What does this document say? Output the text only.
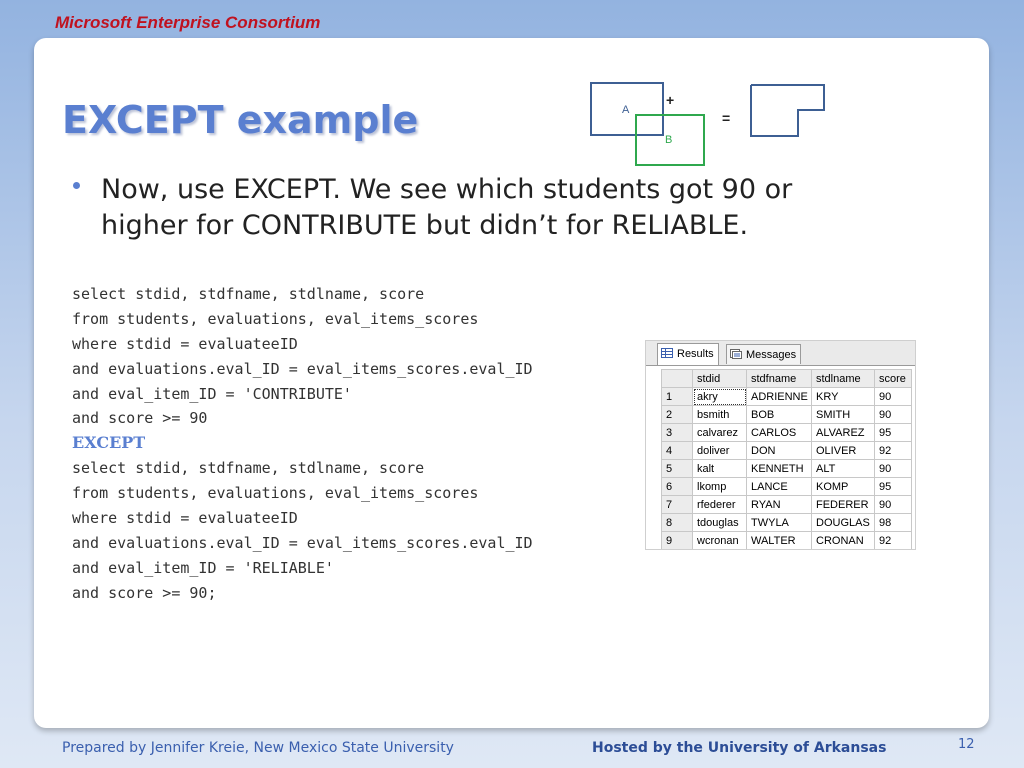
Microsoft Enterprise Consortium
EXCEPT example	A
B
+
=
Now, use EXCEPT. We see which students got 90 or higher for CONTRIBUTE but didn’t for RELIABLE.
select stdid, stdfname, stdlname, score
from students, evaluations, eval_items_scores
where stdid = evaluateeID
and evaluations.eval_ID = eval_items_scores.eval_ID
and eval_item_ID = 'CONTRIBUTE'
and score >= 90
EXCEPT
select stdid, stdfname, stdlname, score
from students, evaluations, eval_items_scores
where stdid = evaluateeID
and evaluations.eval_ID = eval_items_scores.eval_ID
and eval_item_ID = 'RELIABLE'
and score >= 90;
Results	Messages
	stdid	stdfname	stdlname	score
1	akry	ADRIENNE	KRY	90
2	bsmith	BOB	SMITH	90
3	calvarez	CARLOS	ALVAREZ	95
4	doliver	DON	OLIVER	92
5	kalt	KENNETH	ALT	90
6	lkomp	LANCE	KOMP	95
7	rfederer	RYAN	FEDERER	90
8	tdouglas	TWYLA	DOUGLAS	98
9	wcronan	WALTER	CRONAN	92
Prepared by Jennifer Kreie, New Mexico State University	Hosted by the University of Arkansas	12
